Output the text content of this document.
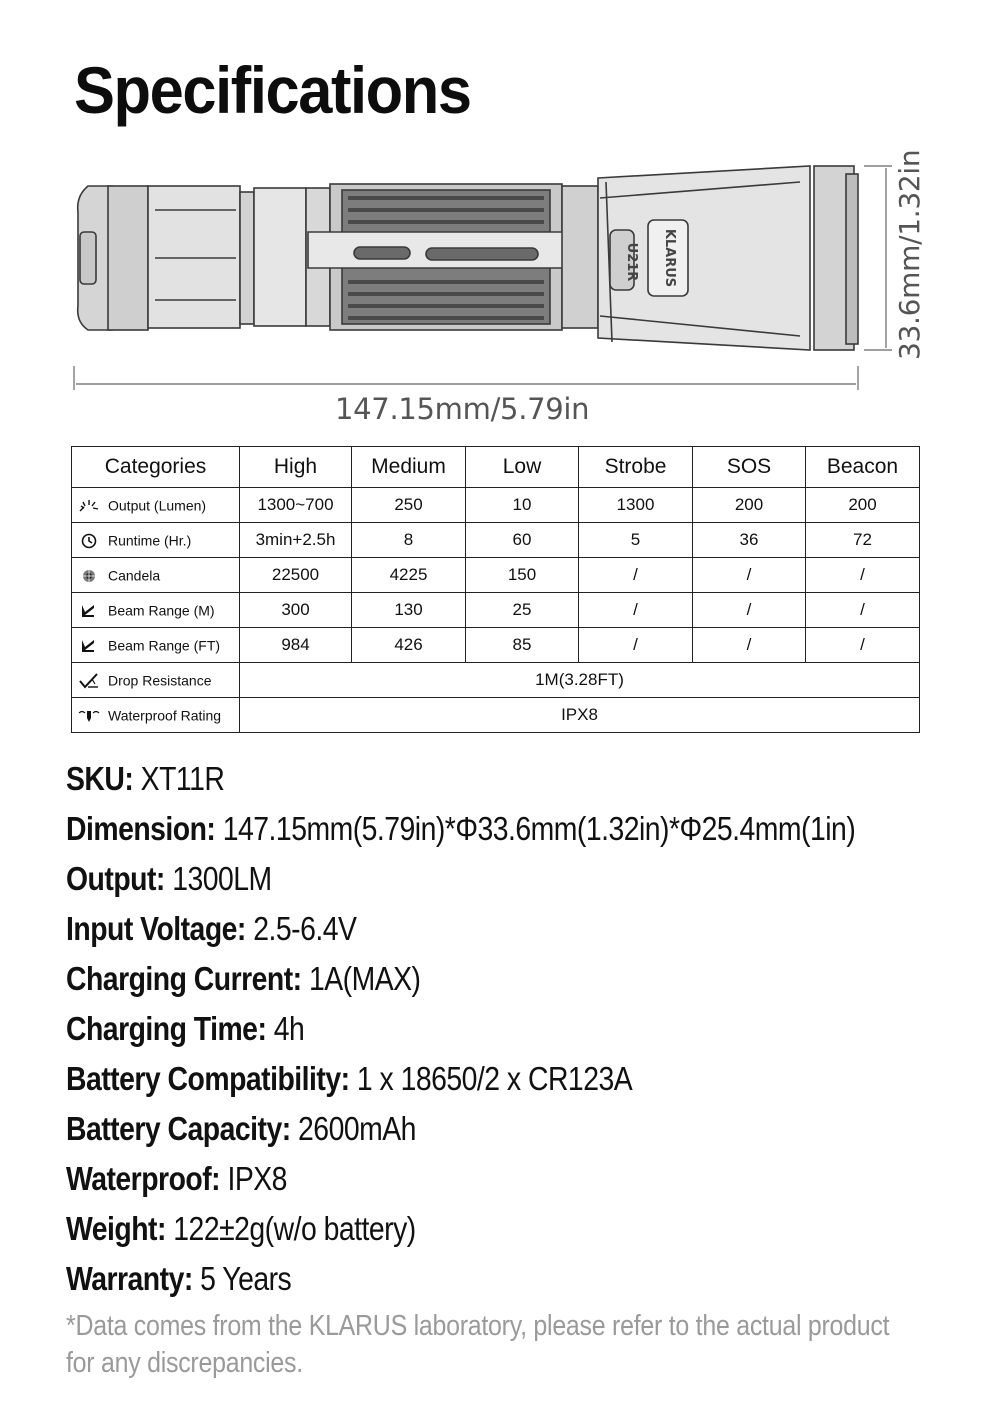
Specifications
U21R KLARUS
147.15mm/5.79in
33.6mm/1.32in
Categories	High	Medium	Low	Strobe	SOS	Beacon

Output (Lumen)	1300~700	250	10	1300	200	200

Runtime (Hr.)	3min+2.5h	8	60	5	36	72

Candela	22500	4225	150	/	/	/

Beam Range (M)	300	130	25	/	/	/

Beam Range (FT)	984	426	85	/	/	/

Drop Resistance	1M(3.28FT)					

Waterproof Rating	IPX8					
SKU: XT11R
Dimension: 147.15mm(5.79in)*Φ33.6mm(1.32in)*Φ25.4mm(1in)
Output: 1300LM
Input Voltage: 2.5-6.4V
Charging Current: 1A(MAX)
Charging Time: 4h
Battery Compatibility: 1 x 18650/2 x CR123A
Battery Capacity: 2600mAh
Waterproof: IPX8
Weight: 122±2g(w/o battery)
Warranty: 5 Years
*Data comes from the KLARUS laboratory, please refer to the actual product
for any discrepancies.
